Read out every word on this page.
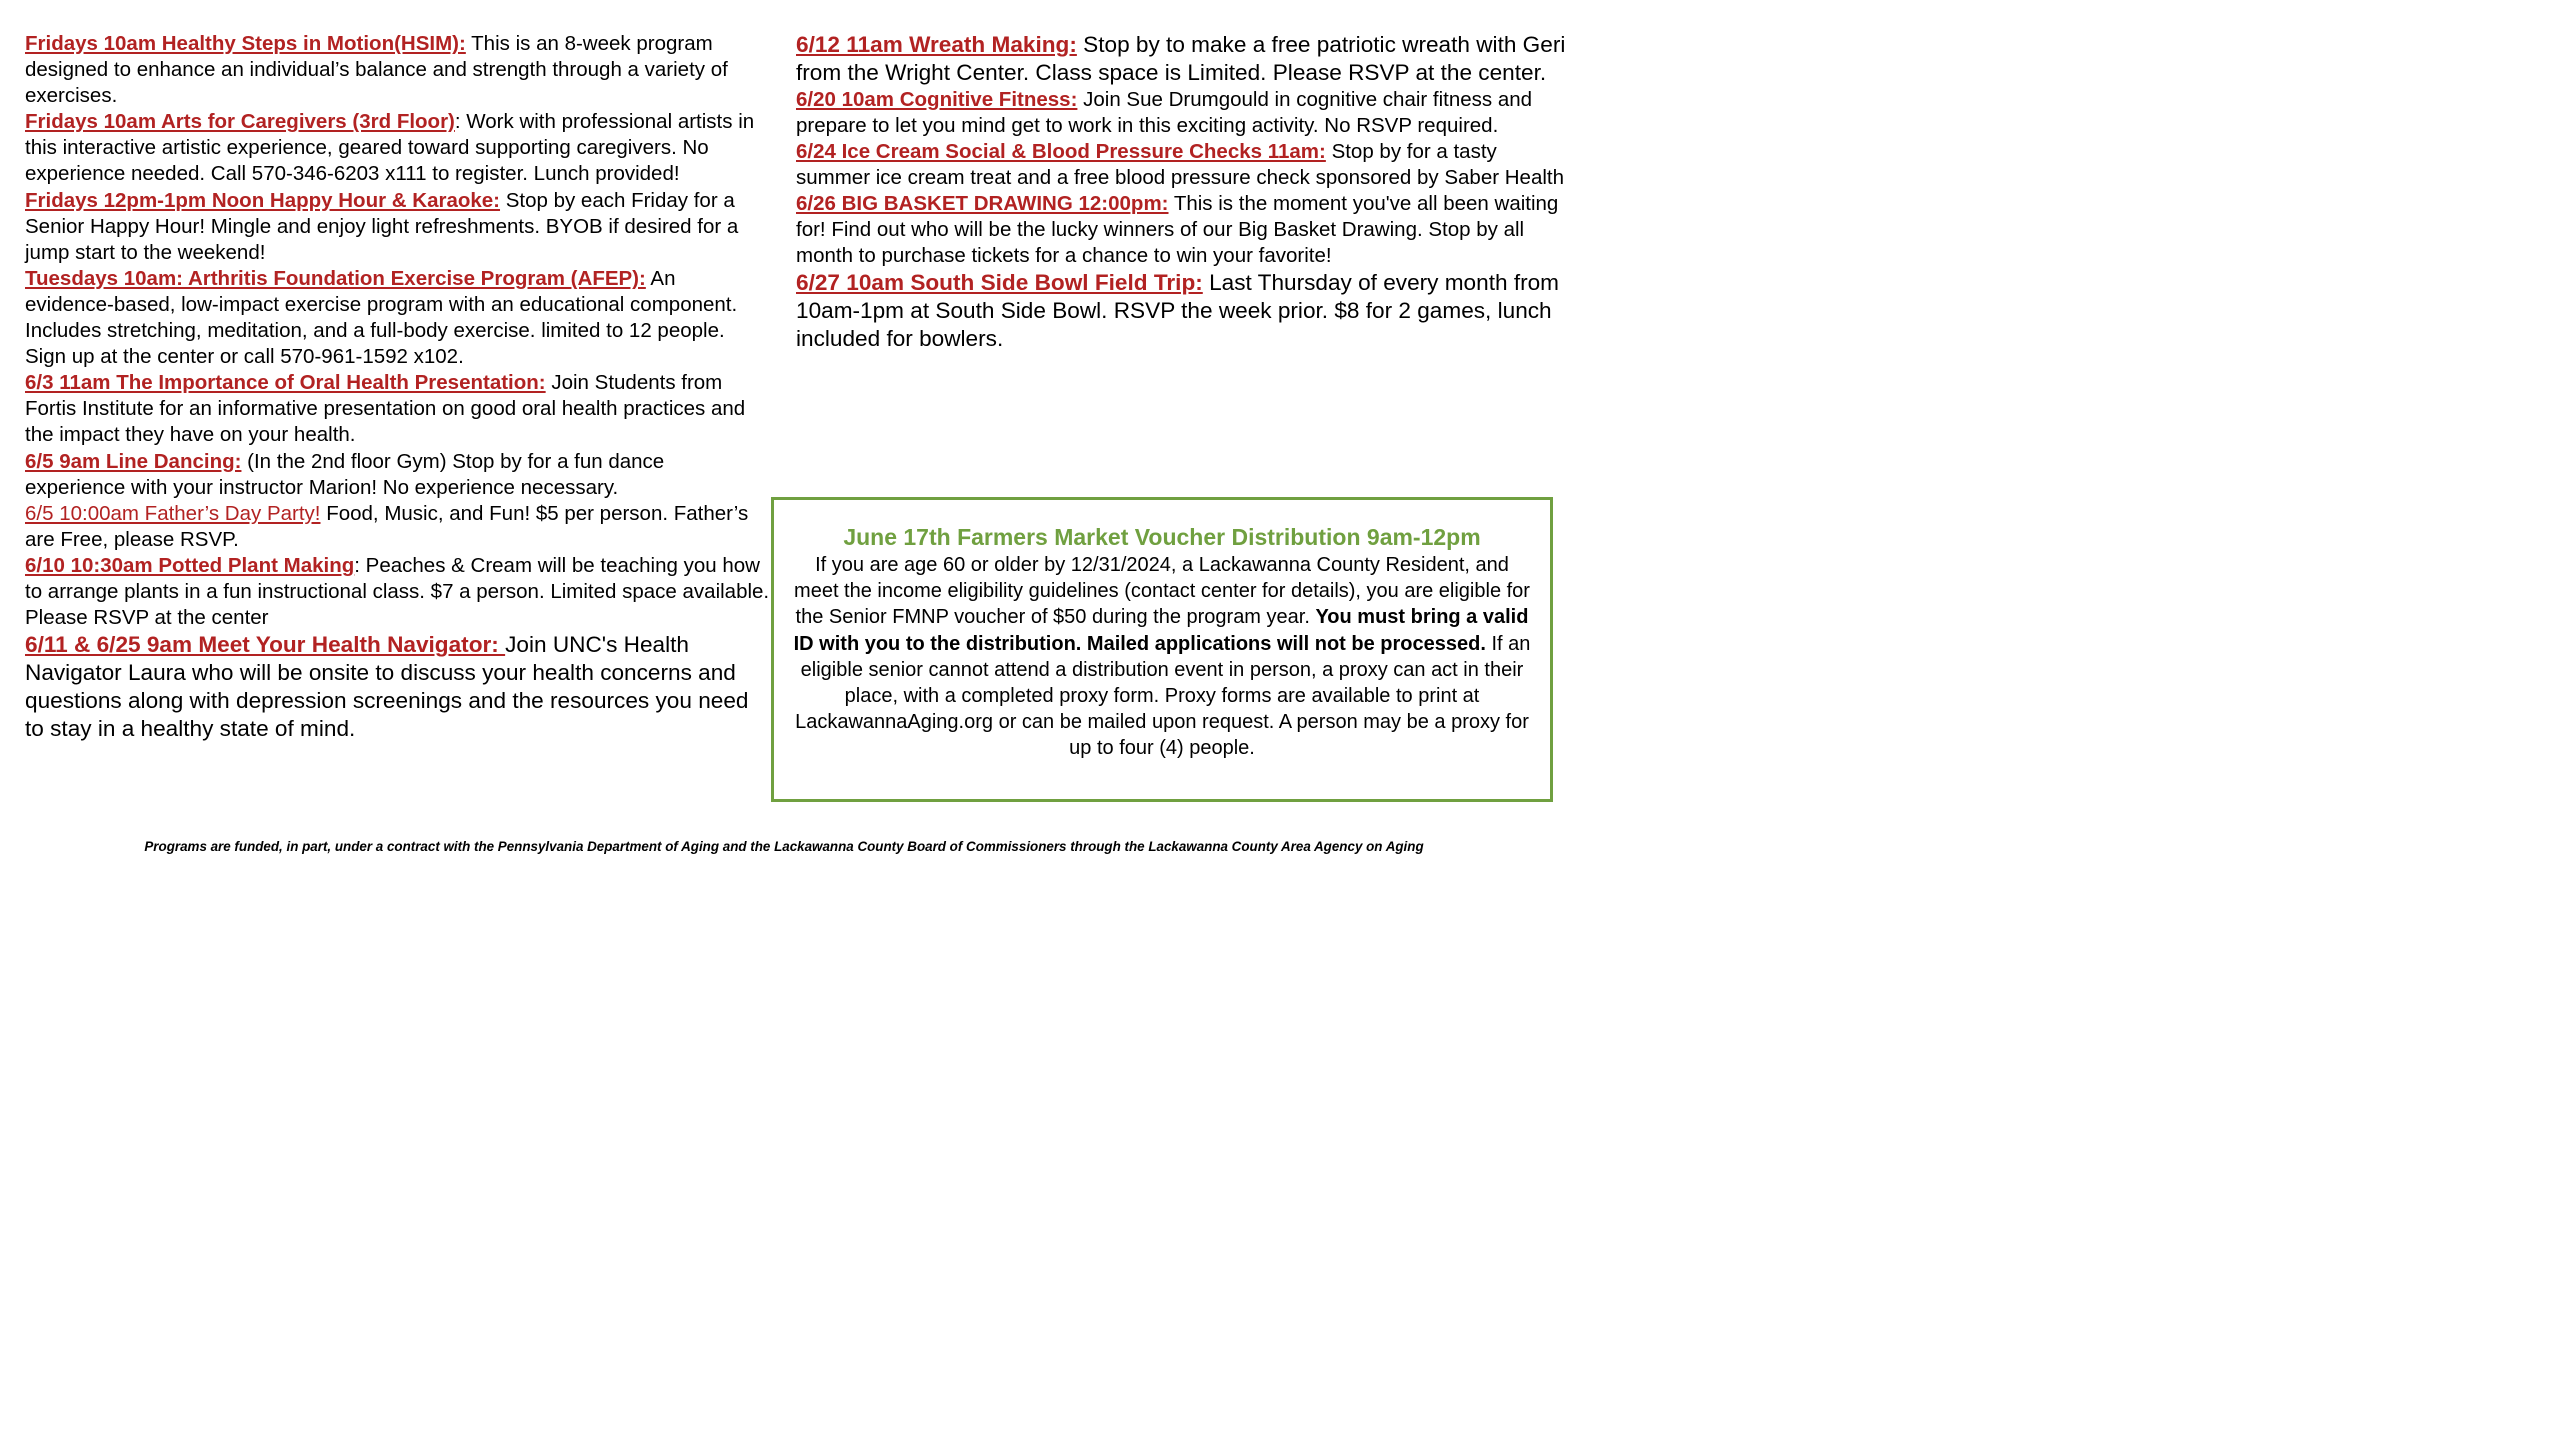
Fridays 10am Healthy Steps in Motion(HSIM): This is an 8-week program designed to enhance an individual’s balance and strength through a variety of exercises.

Fridays 10am Arts for Caregivers (3rd Floor): Work with professional artists in this interactive artistic experience, geared toward supporting caregivers. No experience needed. Call 570-346-6203 x111 to register. Lunch provided!

Fridays 12pm-1pm Noon Happy Hour & Karaoke: Stop by each Friday for a Senior Happy Hour! Mingle and enjoy light refreshments. BYOB if desired for a jump start to the weekend!

Tuesdays 10am: Arthritis Foundation Exercise Program (AFEP): An evidence-based, low-impact exercise program with an educational component. Includes stretching, meditation, and a full-body exercise. limited to 12 people. Sign up at the center or call 570-961-1592 x102.

6/3 11am The Importance of Oral Health Presentation: Join Students from Fortis Institute for an informative presentation on good oral health practices and the impact they have on your health.

6/5 9am Line Dancing: (In the 2nd floor Gym) Stop by for a fun dance experience with your instructor Marion! No experience necessary.

6/5 10:00am Father’s Day Party! Food, Music, and Fun! $5 per person. Father’s are Free, please RSVP.

6/10 10:30am Potted Plant Making: Peaches & Cream will be teaching you how to arrange plants in a fun instructional class. $7 a person. Limited space available. Please RSVP at the center

6/11 & 6/25 9am Meet Your Health Navigator: Join UNC's Health Navigator Laura who will be onsite to discuss your health concerns and questions along with depression screenings and the resources you need to stay in a healthy state of mind.

6/12 11am Wreath Making: Stop by to make a free patriotic wreath with Geri from the Wright Center. Class space is Limited. Please RSVP at the center.

6/20 10am Cognitive Fitness: Join Sue Drumgould in cognitive chair fitness and prepare to let you mind get to work in this exciting activity. No RSVP required.

6/24 Ice Cream Social & Blood Pressure Checks 11am: Stop by for a tasty summer ice cream treat and a free blood pressure check sponsored by Saber Health

6/26 BIG BASKET DRAWING 12:00pm: This is the moment you've all been waiting for! Find out who will be the lucky winners of our Big Basket Drawing. Stop by all month to purchase tickets for a chance to win your favorite!

6/27 10am South Side Bowl Field Trip: Last Thursday of every month from 10am-1pm at South Side Bowl. RSVP the week prior. $8 for 2 games, lunch included for bowlers.

June 17th Farmers Market Voucher Distribution 9am-12pm

If you are age 60 or older by 12/31/2024, a Lackawanna County Resident, and meet the income eligibility guidelines (contact center for details), you are eligible for the Senior FMNP voucher of $50 during the program year. You must bring a valid ID with you to the distribution. Mailed applications will not be processed. If an eligible senior cannot attend a distribution event in person, a proxy can act in their place, with a completed proxy form. Proxy forms are available to print at LackawannaAging.org or can be mailed upon request. A person may be a proxy for up to four (4) people.

Programs are funded, in part, under a contract with the Pennsylvania Department of Aging and the Lackawanna County Board of Commissioners through the Lackawanna County Area Agency on Aging
